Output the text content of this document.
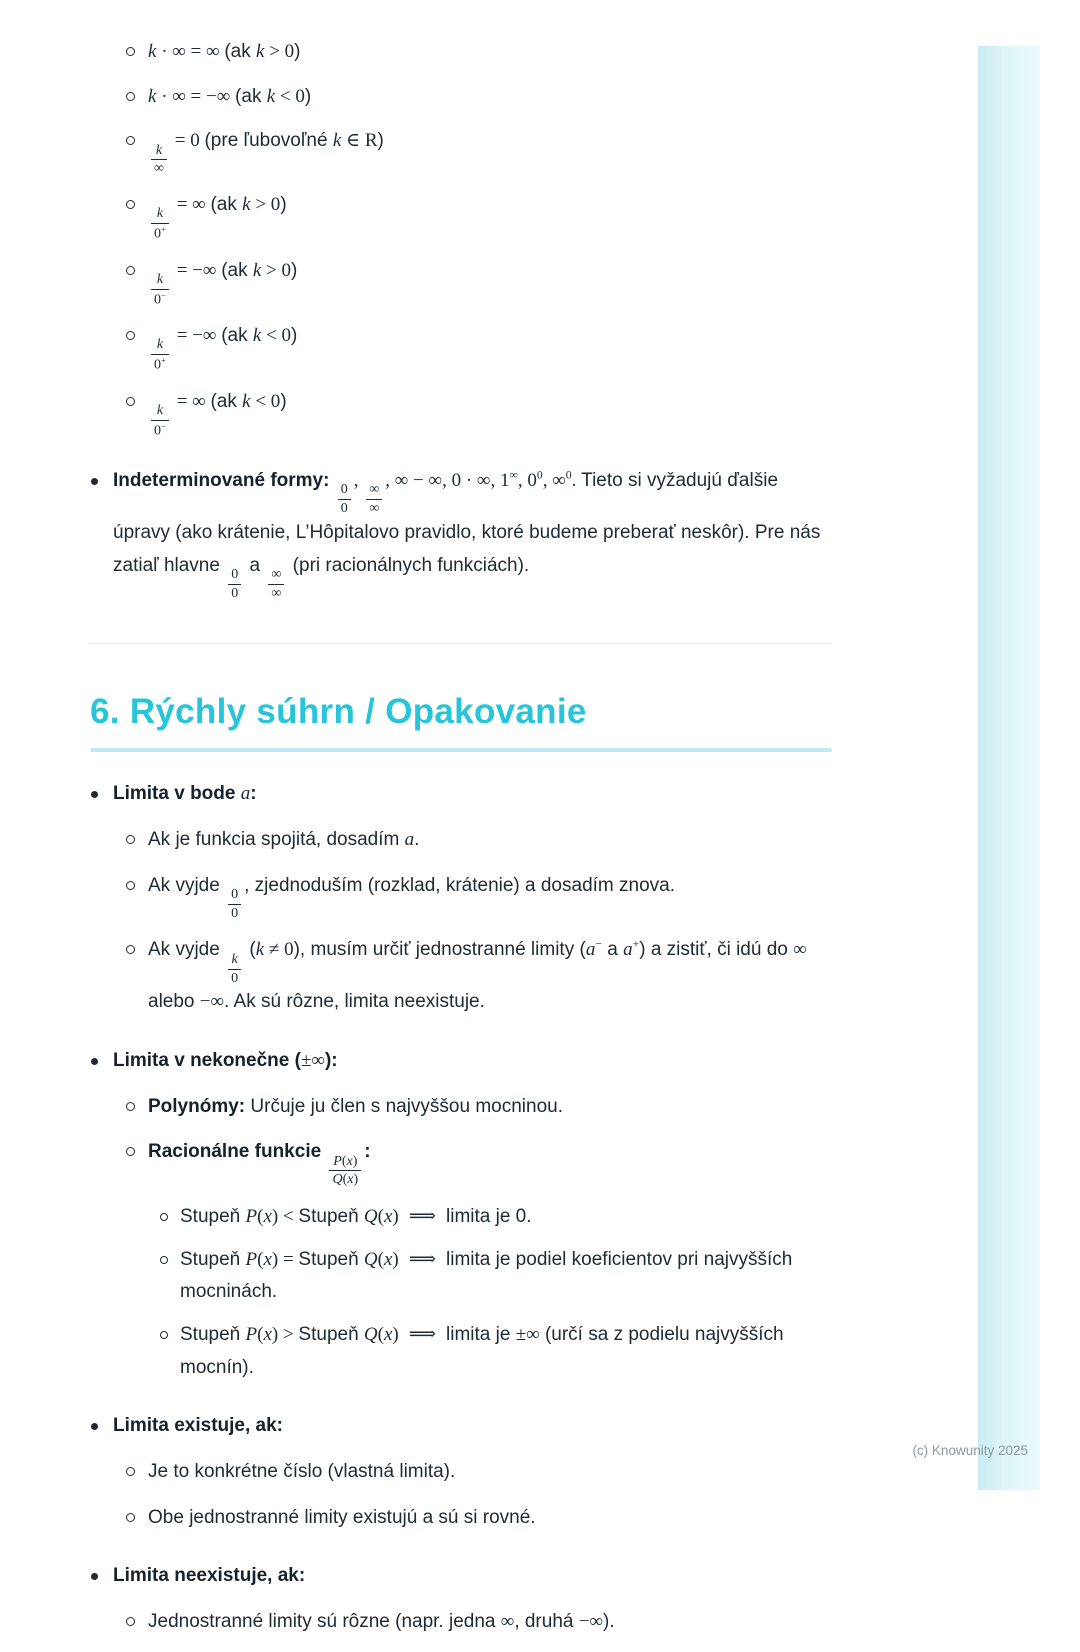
k · ∞ = ∞ (ak k > 0)
k · ∞ = −∞ (ak k < 0)
$\frac{k}{\infty}$
= 0 (pre ľubovoľné k ∈ R)
$\frac{k}{0^+}$
= ∞ (ak k > 0)
$\frac{k}{0^-}$
= −∞ (ak k > 0)
$\frac{k}{0^+}$
= −∞ (ak k < 0)
$\frac{k}{0^-}$
= ∞ (ak k < 0)
Indeterminované formy:
$\frac{0}{0}$
,
$\frac{\infty}{\infty}$
, ∞ − ∞, 0 · ∞, 1∞, $0^0$, ∞$^0$. Tieto si vyžadujú ďalšie úpravy (ako krátenie, L’Hôpitalovo pravidlo, ktoré budeme preberať neskôr). Pre nás zatiaľ hlavne
$\frac{0}{0}$
a
$\frac{\infty}{\infty}$
(pri racionálnych funkciách).
6. Rýchly súhrn / Opakovanie
Limita v bode a:
Ak je funkcia spojitá, dosadím a.
Ak vyjde
$\frac{0}{0}$
, zjednoduším (rozklad, krátenie) a dosadím znova.
Ak vyjde
$\frac{k}{0}$
(k ≠ 0), musím určiť jednostranné limity (a− a a+) a zistiť, či idú do ∞ alebo −∞. Ak sú rôzne, limita neexistuje.
Limita v nekonečne (±∞):
Polynómy: Určuje ju člen s najvyššou mocninou.
Racionálne funkcie
$\frac{P(x)}{Q(x)}$
:
Stupeň P(x) < Stupeň Q(x) ⟹ limita je 0.
Stupeň P(x) = Stupeň Q(x) ⟹ limita je podiel koeficientov pri najvyšších mocninách.
Stupeň P(x) > Stupeň Q(x) ⟹ limita je ±∞ (určí sa z podielu najvyšších mocnín).
Limita existuje, ak:
Je to konkrétne číslo (vlastná limita).
Obe jednostranné limity existujú a sú si rovné.
Limita neexistuje, ak:
Jednostranné limity sú rôzne (napr. jedna ∞, druhá −∞).
(c) Knowunity 2025
